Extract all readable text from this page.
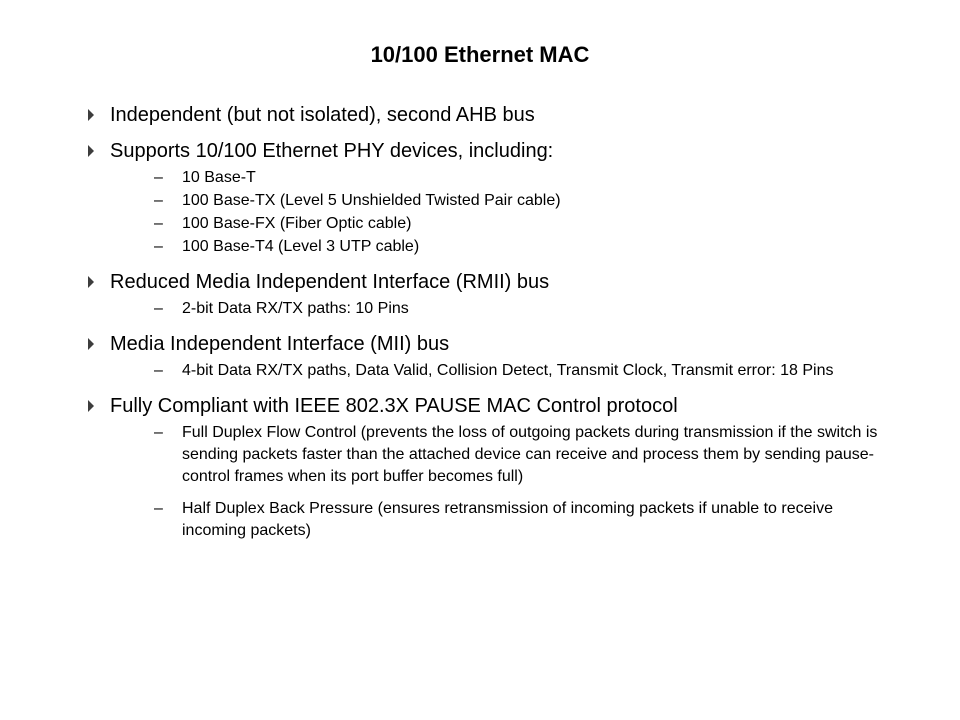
10/100 Ethernet MAC
Independent (but not isolated), second AHB bus
Supports 10/100 Ethernet PHY devices, including:
– 10 Base-T
– 100 Base-TX (Level 5 Unshielded Twisted Pair cable)
– 100 Base-FX (Fiber Optic cable)
– 100 Base-T4 (Level 3 UTP cable)
Reduced Media Independent Interface (RMII) bus
– 2-bit Data RX/TX paths: 10 Pins
Media Independent Interface (MII) bus
– 4-bit Data RX/TX paths, Data Valid, Collision Detect, Transmit Clock, Transmit error: 18 Pins
Fully Compliant with IEEE 802.3X PAUSE MAC Control protocol
– Full Duplex Flow Control (prevents the loss of outgoing packets during transmission if the switch is sending packets faster than the attached device can receive and process them by sending pause-control frames when its port buffer becomes full)
– Half Duplex Back Pressure (ensures retransmission of incoming packets if unable to receive incoming packets)
